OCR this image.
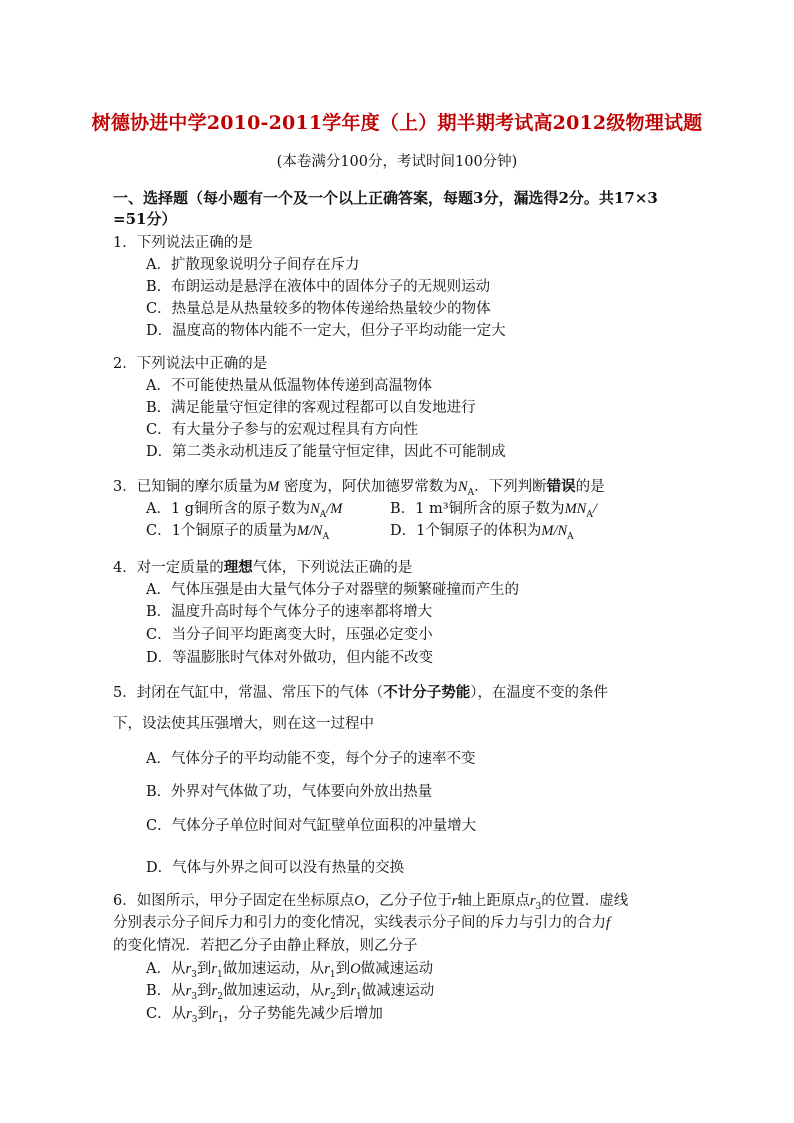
树德协进中学2010-2011学年度（上）期半期考试高2012级物理试题
(本卷满分100分，考试时间100分钟)
一、选择题（每小题有一个及一个以上正确答案，每题3分，漏选得2分。共17×3
=51分）
1．下列说法正确的是
A．扩散现象说明分子间存在斥力
B．布朗运动是悬浮在液体中的固体分子的无规则运动
C．热量总是从热量较多的物体传递给热量较少的物体
D．温度高的物体内能不一定大，但分子平均动能一定大
2．下列说法中正确的是
A．不可能使热量从低温物体传递到高温物体
B．满足能量守恒定律的客观过程都可以自发地进行
C．有大量分子参与的宏观过程具有方向性
D．第二类永动机违反了能量守恒定律，因此不可能制成
3．已知铜的摩尔质量为M 密度为，阿伏加德罗常数为$N_A$．下列判断错误的是
A．1 g铜所含的原子数为$N_A/M$	B．1 m³铜所含的原子数为$MN_A/$
C．1个铜原子的质量为$M/N_A$	D．1个铜原子的体积为$M/N_A$
4．对一定质量的理想气体，下列说法正确的是
A．气体压强是由大量气体分子对器壁的频繁碰撞而产生的
B．温度升高时每个气体分子的速率都将增大
C．当分子间平均距离变大时，压强必定变小
D．等温膨胀时气体对外做功，但内能不改变
5．封闭在气缸中，常温、常压下的气体（不计分子势能），在温度不变的条件
下，设法使其压强增大，则在这一过程中
A．气体分子的平均动能不变，每个分子的速率不变
B．外界对气体做了功，气体要向外放出热量
C．气体分子单位时间对气缸壁单位面积的冲量增大
D．气体与外界之间可以没有热量的交换
6．如图所示，甲分子固定在坐标原点O，乙分子位于r轴上距原点$r_3$的位置．虚线
分别表示分子间斥力和引力的变化情况，实线表示分子间的斥力与引力的合力f
的变化情况．若把乙分子由静止释放，则乙分子
A．从$r_3$到$r_1$做加速运动，从$r_1$到O做减速运动
B．从$r_3$到$r_2$做加速运动，从$r_2$到$r_1$做减速运动
C．从$r_3$到$r_1$，分子势能先减少后增加
